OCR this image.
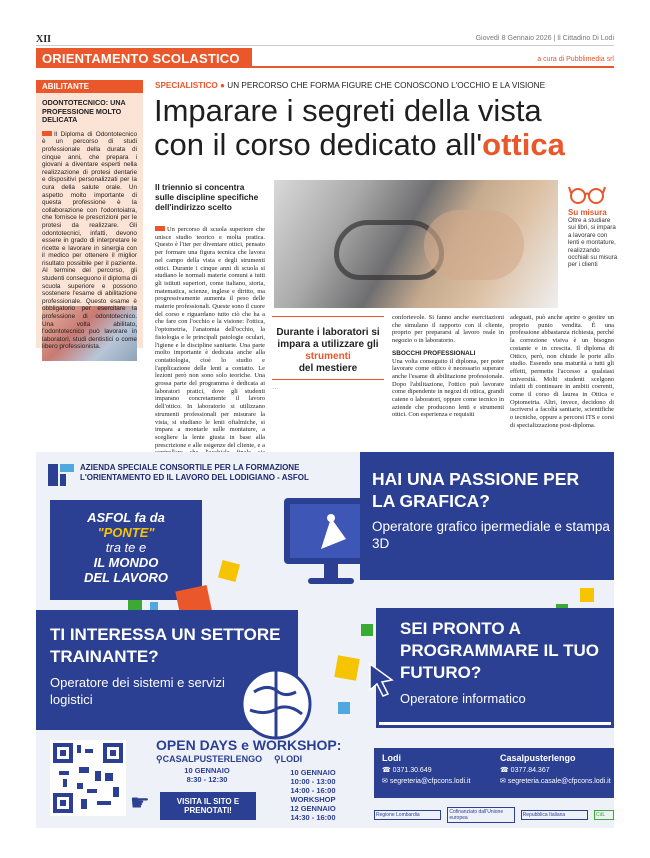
XII	Giovedì 8 Gennaio 2026 | Il Cittadino Di Lodi
ORIENTAMENTO SCOLASTICO	a cura di Pubblimedia srl
ABILITANTE
ODONTOTECNICO: UNA PROFESSIONE MOLTO DELICATA

Il Diploma di Odontotecnico è un percorso di studi professionale della durata di cinque anni, che prepara i giovani a diventare esperti nella realizzazione di protesi dentarie e dispositivi personalizzati per la cura della salute orale. Un aspetto molto importante di questa professione è la collaborazione con l'odontoiatra, che fornisce le prescrizioni per le protesi da realizzare. Gli odontotecnici, infatti, devono essere in grado di interpretare le ricette e lavorare in sinergia con il medico per ottenere il miglior risultato possibile per il paziente. Al termine del percorso, gli studenti conseguono il diploma di scuola superiore e possono sostenere l'esame di abilitazione professionale. Questo esame è obbligatorio per esercitare la professione di odontotecnico. Una volta abilitato, l'odontotecnico può lavorare in laboratori, studi dentistici o come libero professionista.

SPECIALISTICO ● UN PERCORSO CHE FORMA FIGURE CHE CONOSCONO L'OCCHIO E LA VISIONE
Imparare i segreti della vista
con il corso dedicato all'ottica
Il triennio si concentra sulle discipline specifiche dell'indirizzo scelto
Su misura
Oltre a studiare sui libri, si impara a lavorare con lenti e montature, realizzando occhiali su misura per i clienti

Un percorso di scuola superiore che unisce studio teorico e molta pratica. Questo è l'iter per diventare ottici, pensato per formare una figura tecnica che lavora nel campo della vista e degli strumenti ottici. Durante i cinque anni di scuola si studiano le normali materie comuni a tutti gli istituti superiori, come italiano, storia, matematica, scienze, inglese e diritto, ma progressivamente aumenta il peso delle materie professionali. Queste sono il cuore del corso e riguardano tutto ciò che ha a che fare con l'occhio e la visione: l'ottica, l'optometria, l'anatomia dell'occhio, la fisiologia e le principali patologie oculari, l'igiene e le discipline sanitarie. Una parte molto importante è dedicata anche alla contattologia, cioè lo studio e l'applicazione delle lenti a contatto. Le lezioni però non sono solo teoriche. Una grossa parte del programma è dedicata ai laboratori pratici, dove gli studenti imparano concretamente il lavoro dell'ottico. In laboratorio si utilizzano strumenti professionali per misurare la vista, si studiano le lenti oftalmiche, si impara a montarle sulle montature, a scegliere la lente giusta in base alla prescrizione e alle esigenze del cliente, e a

Durante i laboratori si impara a utilizzare gli strumenti
del mestiere

…

confortevole. Si fanno anche esercitazioni che simulano il rapporto con il cliente, proprio per prepararsi al lavoro reale in negozio o in laboratorio.

SBOCCHI PROFESSIONALI

Una volta conseguito il diploma, per poter lavorare come ottico è necessario superare anche l'esame di abilitazione professionale. Dopo l'abilitazione, l'ottico può lavorare come dipendente in negozi di ottica, grandi catene o laboratori, oppure come tecnico in aziende che producono lenti e strumenti ottici. Con esperienza e requisiti

adeguati, può anche aprire o gestire un proprio punto vendita. È una professione abbastanza richiesta, perché la correzione visiva è un bisogno costante e in crescita. Il diploma di Ottico, però, non chiude le porte allo studio. Essendo una maturità a tutti gli effetti, permette l'accesso a qualsiasi università. Molti studenti scelgono infatti di continuare in ambiti coerenti, come il corso di laurea in Ottica e Optometria. Altri, invece, decidono di iscriversi a facoltà sanitarie, scientifiche o tecniche, oppure a percorsi ITS e corsi di specializzazione post-diploma.

AZIENDA SPECIALE CONSORTILE PER LA FORMAZIONE
L'ORIENTAMENTO ED IL LAVORO DEL LODIGIANO - ASFOL
ASFOL fa da
"PONTE"
tra te e
IL MONDO
DEL LAVORO
HAI UNA PASSIONE PER LA GRAFICA?
Operatore grafico ipermediale e stampa 3D
TI INTERESSA UN SETTORE TRAINANTE?
Operatore dei sistemi e servizi logistici
SEI PRONTO A PROGRAMMARE IL TUO FUTURO?
Operatore informatico
☛
OPEN DAYS e WORKSHOP:
⚲CASALPUSTERLENGO
10 GENNAIO
8:30 - 12:30
⚲LODI
10 GENNAIO
10:00 - 13:00
14:00 - 16:00
WORKSHOP
12 GENNAIO
14:30 - 16:00
VISITA IL SITO E PRENOTATI!
Lodi
☎ 0371.30.649
✉ segreteria@cfpcons.lodi.it
Casalpusterlengo
☎ 0377.84.367
✉ segreteria.casale@cfpcons.lodi.it
Regione Lombardia	Cofinanziato dall'Unione europea	Repubblica Italiana	CdL
